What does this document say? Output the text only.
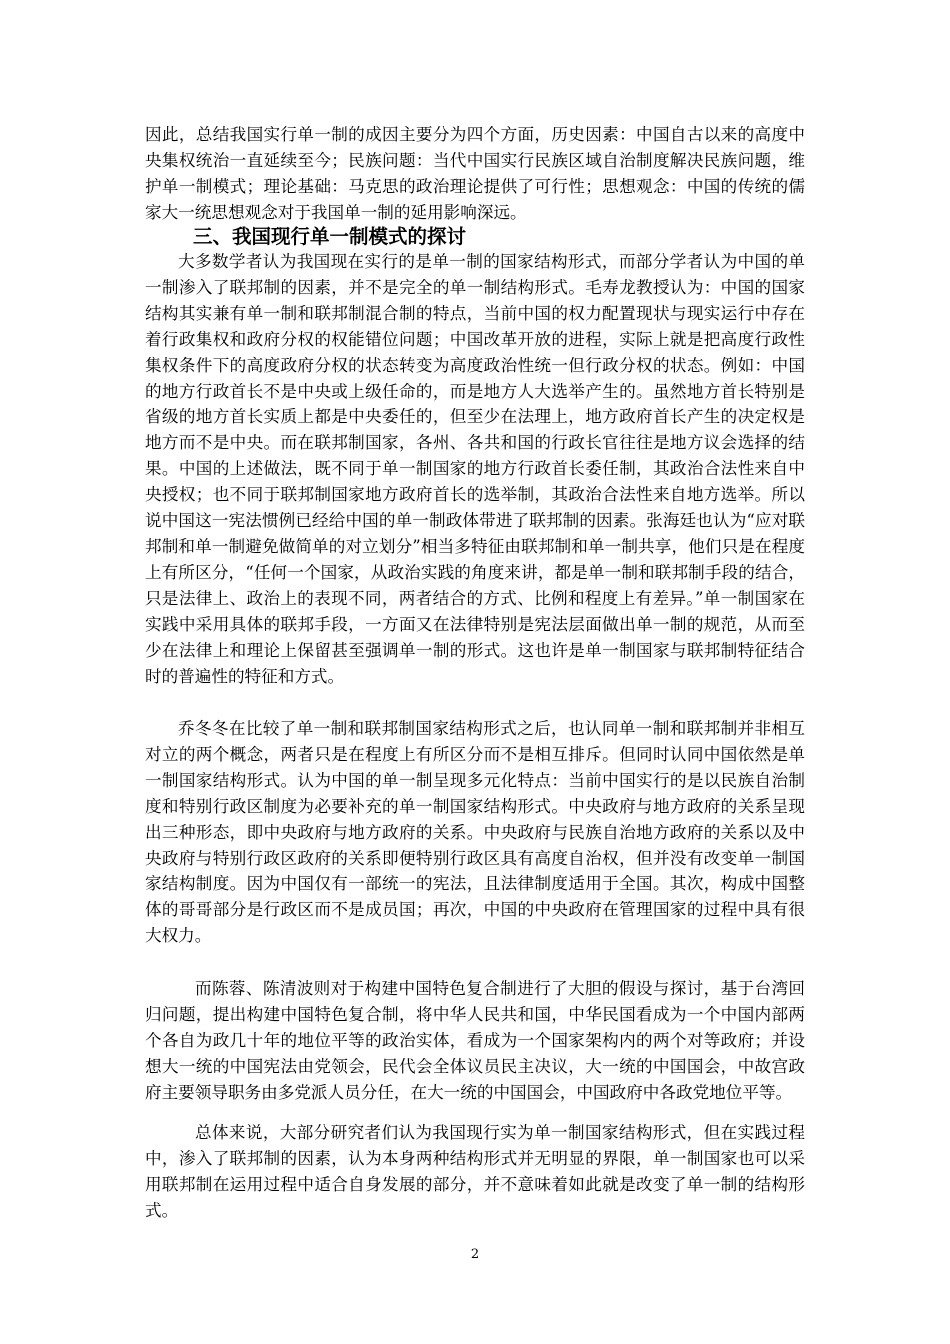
因此，总结我国实行单一制的成因主要分为四个方面，历史因素：中国自古以来的高度中央集权统治一直延续至今；民族问题：当代中国实行民族区域自治制度解决民族问题，维护单一制模式；理论基础：马克思的政治理论提供了可行性；思想观念：中国的传统的儒家大一统思想观念对于我国单一制的延用影响深远。

三、我国现行单一制模式的探讨

大多数学者认为我国现在实行的是单一制的国家结构形式，而部分学者认为中国的单一制渗入了联邦制的因素，并不是完全的单一制结构形式。毛寿龙教授认为：中国的国家结构其实兼有单一制和联邦制混合制的特点，当前中国的权力配置现状与现实运行中存在着行政集权和政府分权的权能错位问题；中国改革开放的进程，实际上就是把高度行政性集权条件下的高度政府分权的状态转变为高度政治性统一但行政分权的状态。例如：中国的地方行政首长不是中央或上级任命的，而是地方人大选举产生的。虽然地方首长特别是省级的地方首长实质上都是中央委任的，但至少在法理上，地方政府首长产生的决定权是地方而不是中央。而在联邦制国家，各州、各共和国的行政长官往往是地方议会选择的结果。中国的上述做法，既不同于单一制国家的地方行政首长委任制，其政治合法性来自中央授权；也不同于联邦制国家地方政府首长的选举制，其政治合法性来自地方选举。所以说中国这一宪法惯例已经给中国的单一制政体带进了联邦制的因素。张海廷也认为“应对联邦制和单一制避免做简单的对立划分”相当多特征由联邦制和单一制共享，他们只是在程度上有所区分，“任何一个国家，从政治实践的角度来讲，都是单一制和联邦制手段的结合，只是法律上、政治上的表现不同，两者结合的方式、比例和程度上有差异。”单一制国家在实践中采用具体的联邦手段，一方面又在法律特别是宪法层面做出单一制的规范，从而至少在法律上和理论上保留甚至强调单一制的形式。这也许是单一制国家与联邦制特征结合时的普遍性的特征和方式。

乔冬冬在比较了单一制和联邦制国家结构形式之后，也认同单一制和联邦制并非相互对立的两个概念，两者只是在程度上有所区分而不是相互排斥。但同时认同中国依然是单一制国家结构形式。认为中国的单一制呈现多元化特点：当前中国实行的是以民族自治制度和特别行政区制度为必要补充的单一制国家结构形式。中央政府与地方政府的关系呈现出三种形态，即中央政府与地方政府的关系。中央政府与民族自治地方政府的关系以及中央政府与特别行政区政府的关系即便特别行政区具有高度自治权，但并没有改变单一制国家结构制度。因为中国仅有一部统一的宪法，且法律制度适用于全国。其次，构成中国整体的哥哥部分是行政区而不是成员国；再次，中国的中央政府在管理国家的过程中具有很大权力。

而陈蓉、陈清波则对于构建中国特色复合制进行了大胆的假设与探讨，基于台湾回归问题，提出构建中国特色复合制，将中华人民共和国，中华民国看成为一个中国内部两个各自为政几十年的地位平等的政治实体，看成为一个国家架构内的两个对等政府；并设想大一统的中国宪法由党领会，民代会全体议员民主决议，大一统的中国国会，中故宫政府主要领导职务由多党派人员分任，在大一统的中国国会，中国政府中各政党地位平等。

总体来说，大部分研究者们认为我国现行实为单一制国家结构形式，但在实践过程中，渗入了联邦制的因素，认为本身两种结构形式并无明显的界限，单一制国家也可以采用联邦制在运用过程中适合自身发展的部分，并不意味着如此就是改变了单一制的结构形式。

2
